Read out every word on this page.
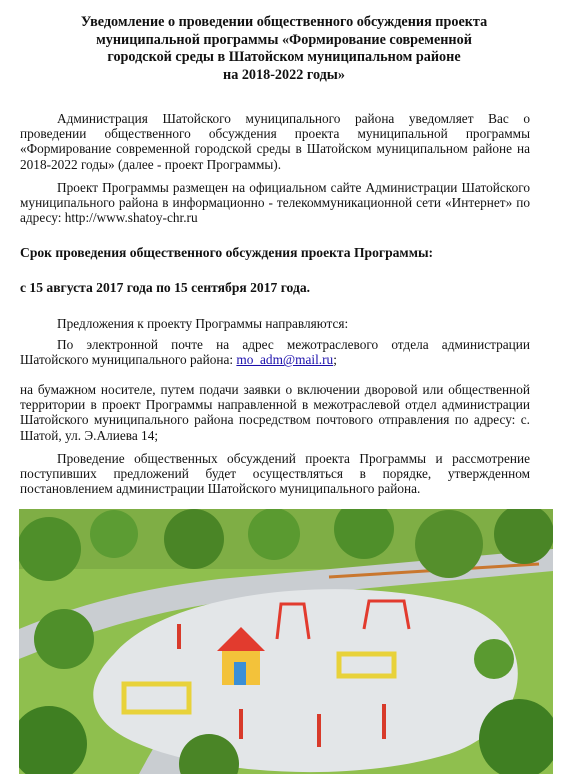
Уведомление о проведении общественного обсуждения проекта
муниципальной программы «Формирование современной
городской среды в Шатойском муниципальном районе
на 2018-2022 годы»
Администрация Шатойского муниципального района уведомляет Вас о проведении общественного обсуждения проекта муниципальной программы «Формирование современной городской среды в Шатойском муниципальном районе на 2018-2022 годы» (далее - проект Программы).
Проект Программы размещен на официальном сайте Администрации Шатойского муниципального района в информационно - телекоммуникационной сети «Интернет» по адресу: http://www.shatoy-chr.ru
Срок проведения общественного обсуждения проекта Программы:
с 15 августа 2017 года по 15 сентября 2017 года.
Предложения к проекту Программы направляются:
По электронной почте на адрес межотраслевого отдела администрации Шатойского муниципального района: mo_adm@mail.ru;
на бумажном носителе, путем подачи заявки о включении дворовой или общественной территории в проект Программы направленной в межотраслевой отдел администрации Шатойского муниципального района посредством почтового отправления по адресу: с. Шатой, ул. Э.Алиева 14;
Проведение общественных обсуждений проекта Программы и рассмотрение поступивших предложений будет осуществляться в порядке, утвержденном постановлением администрации Шатойского муниципального района.
